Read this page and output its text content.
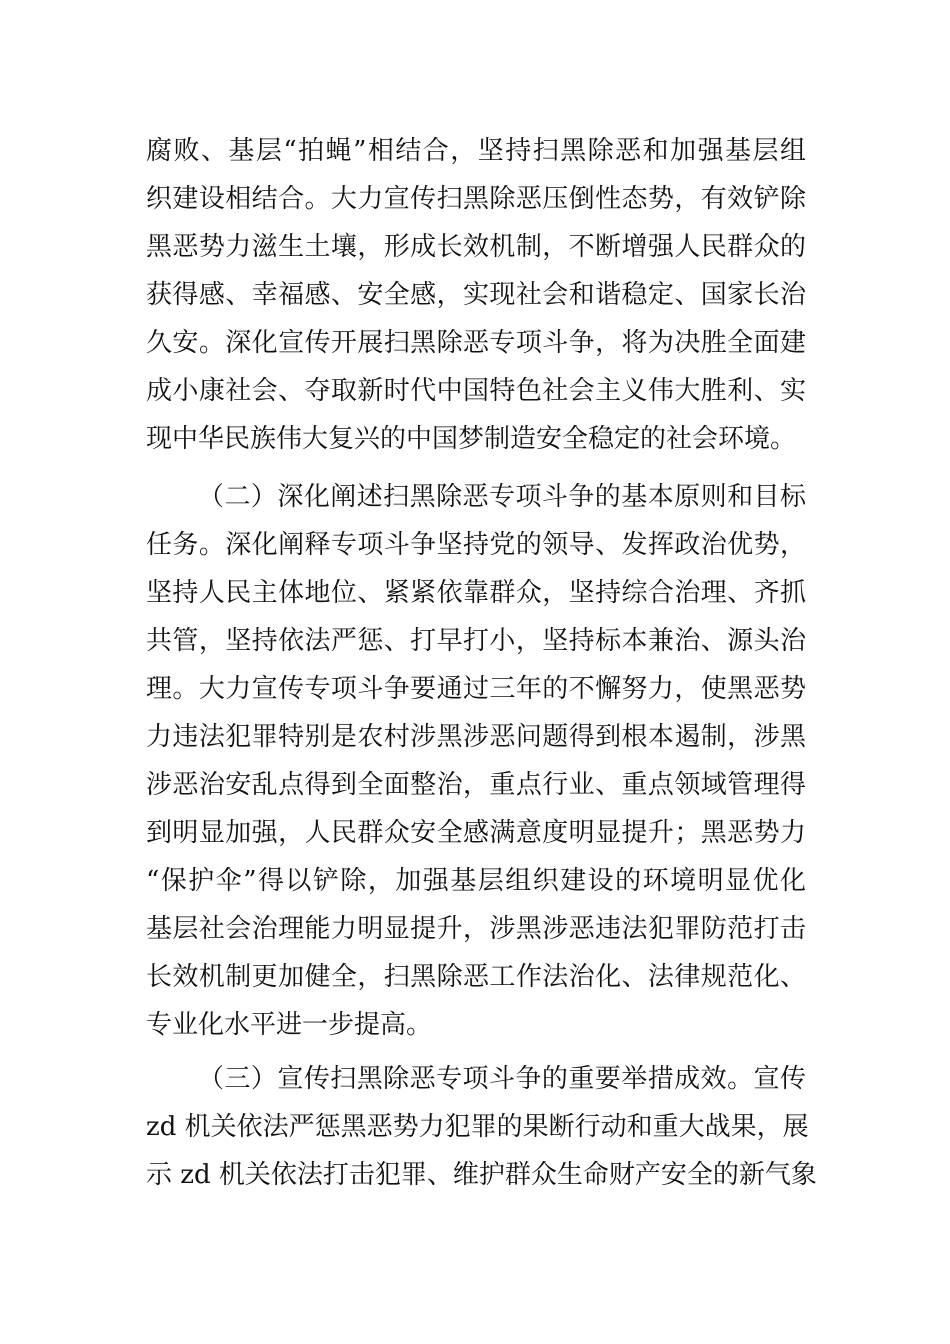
腐败、基层“拍蝇”相结合，坚持扫黑除恶和加强基层组
织建设相结合。大力宣传扫黑除恶压倒性态势，有效铲除
黑恶势力滋生土壤，形成长效机制，不断增强人民群众的
获得感、幸福感、安全感，实现社会和谐稳定、国家长治
久安。深化宣传开展扫黑除恶专项斗争，将为决胜全面建
成小康社会、夺取新时代中国特色社会主义伟大胜利、实
现中华民族伟大复兴的中国梦制造安全稳定的社会环境。
（二）深化阐述扫黑除恶专项斗争的基本原则和目标
任务。深化阐释专项斗争坚持党的领导、发挥政治优势，
坚持人民主体地位、紧紧依靠群众，坚持综合治理、齐抓
共管，坚持依法严惩、打早打小，坚持标本兼治、源头治
理。大力宣传专项斗争要通过三年的不懈努力，使黑恶势
力违法犯罪特别是农村涉黑涉恶问题得到根本遏制，涉黑
涉恶治安乱点得到全面整治，重点行业、重点领域管理得
到明显加强，人民群众安全感满意度明显提升；黑恶势力
“保护伞”得以铲除，加强基层组织建设的环境明显优化
基层社会治理能力明显提升，涉黑涉恶违法犯罪防范打击
长效机制更加健全，扫黑除恶工作法治化、法律规范化、
专业化水平进一步提高。
（三）宣传扫黑除恶专项斗争的重要举措成效。宣传
zd 机关依法严惩黑恶势力犯罪的果断行动和重大战果，展
示 zd 机关依法打击犯罪、维护群众生命财产安全的新气象
